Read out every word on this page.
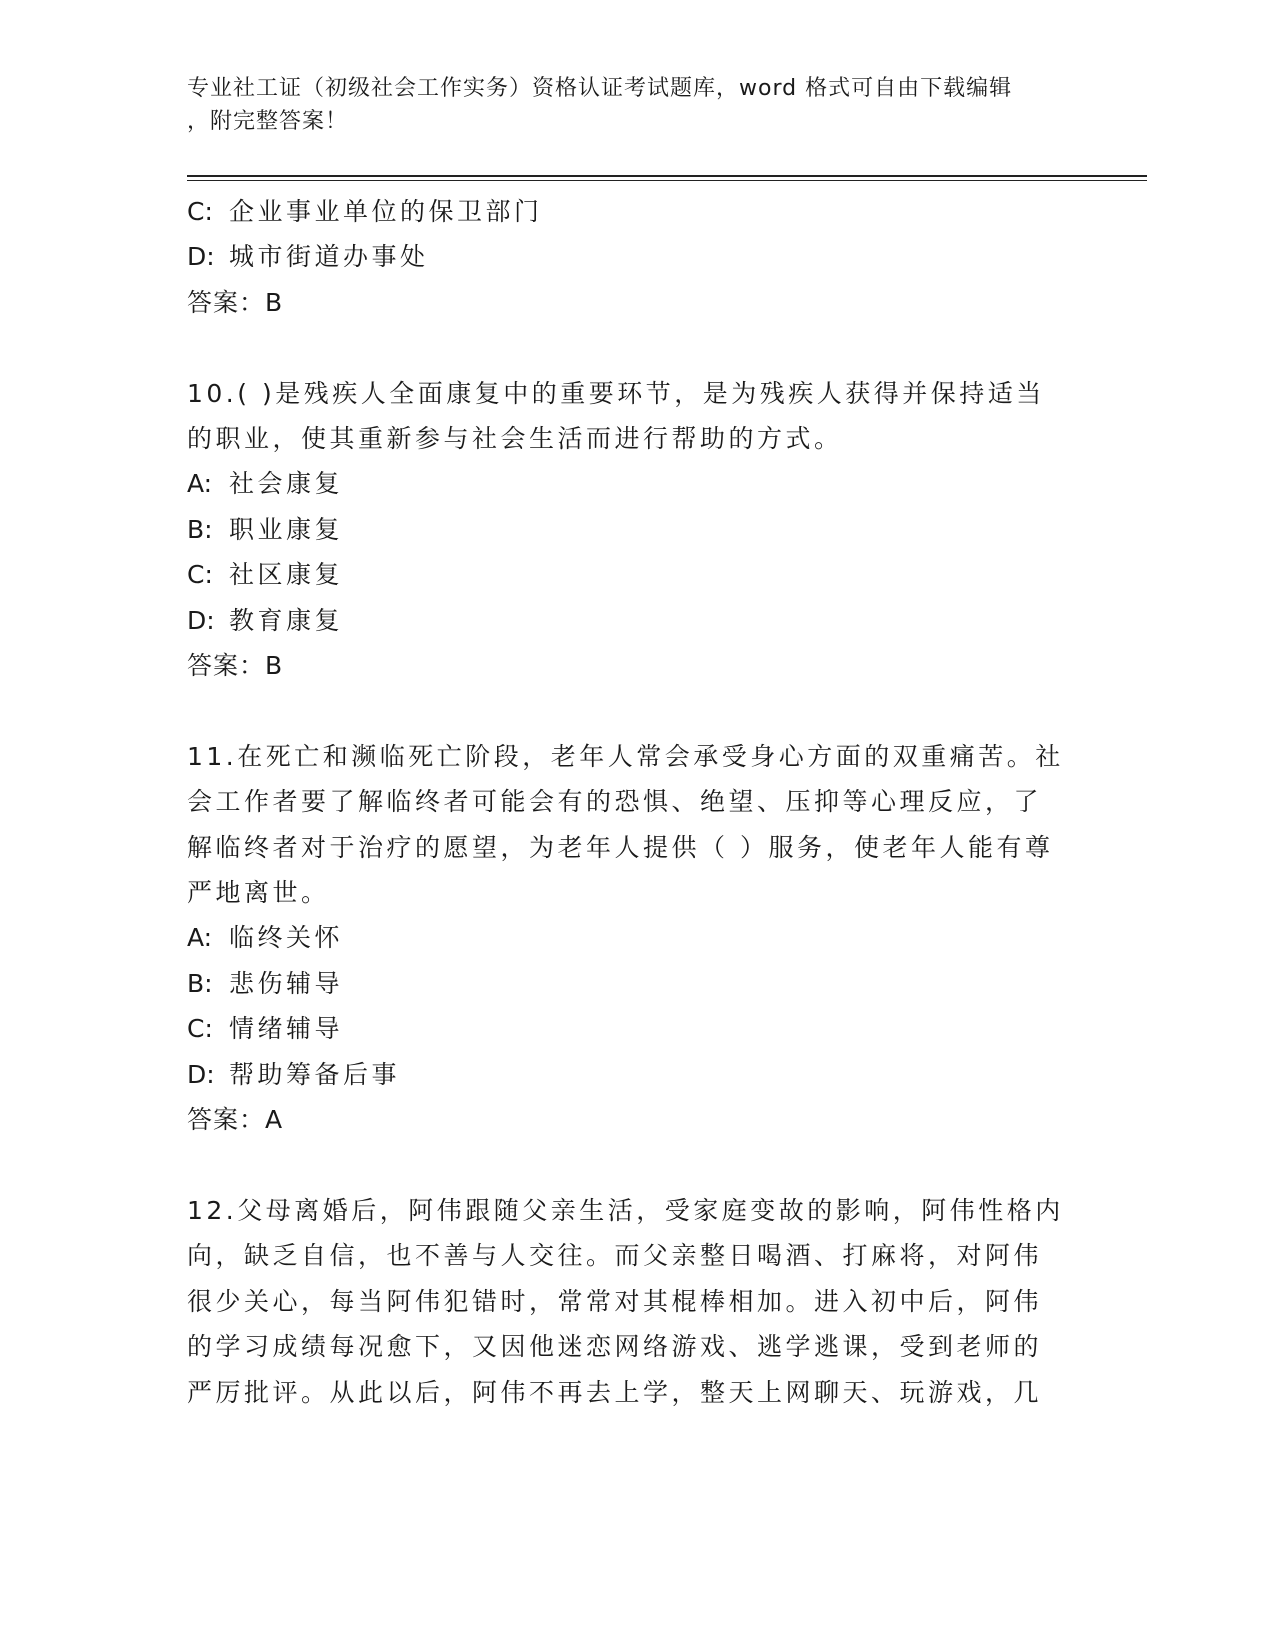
专业社工证（初级社会工作实务）资格认证考试题库，word 格式可自由下载编辑
，附完整答案！
C: 企业事业单位的保卫部门
D: 城市街道办事处
答案：B
10.( )是残疾人全面康复中的重要环节，是为残疾人获得并保持适当
的职业，使其重新参与社会生活而进行帮助的方式。
A: 社会康复
B: 职业康复
C: 社区康复
D: 教育康复
答案：B
11.在死亡和濒临死亡阶段，老年人常会承受身心方面的双重痛苦。社
会工作者要了解临终者可能会有的恐惧、绝望、压抑等心理反应，了
解临终者对于治疗的愿望，为老年人提供（ ）服务，使老年人能有尊
严地离世。
A: 临终关怀
B: 悲伤辅导
C: 情绪辅导
D: 帮助筹备后事
答案：A
12.父母离婚后，阿伟跟随父亲生活，受家庭变故的影响，阿伟性格内
向，缺乏自信，也不善与人交往。而父亲整日喝酒、打麻将，对阿伟
很少关心，每当阿伟犯错时，常常对其棍棒相加。进入初中后，阿伟
的学习成绩每况愈下，又因他迷恋网络游戏、逃学逃课，受到老师的
严厉批评。从此以后，阿伟不再去上学，整天上网聊天、玩游戏，几
